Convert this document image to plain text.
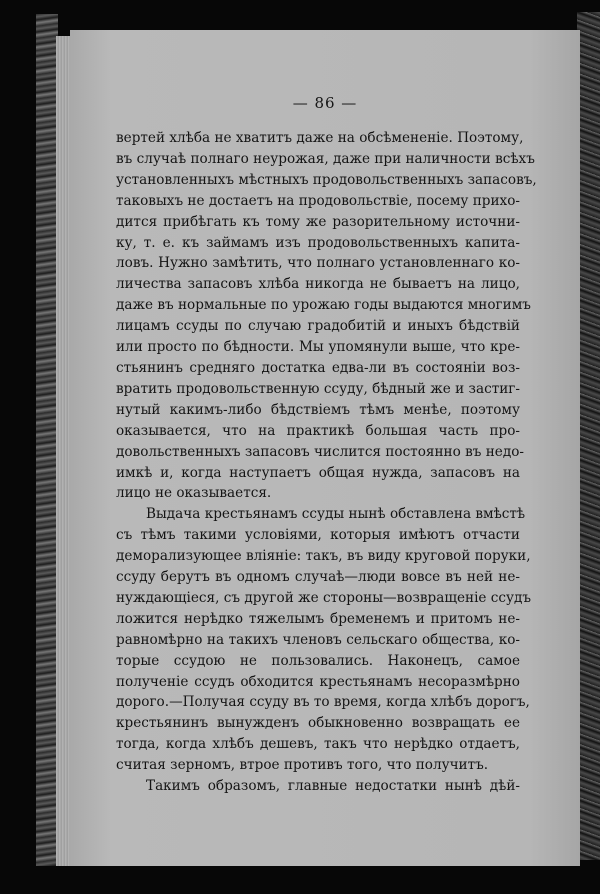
— 86 —
вертей хлѣба не хватитъ даже на обсѣмененіе. Поэтому,
въ случаѣ полнаго неурожая, даже при наличности всѣхъ
установленныхъ мѣстныхъ продовольственныхъ запасовъ,
таковыхъ не достаетъ на продовольствіе, посему прихо-
дится прибѣгать къ тому же разорительному источни-
ку, т. е. къ займамъ изъ продовольственныхъ капита-
ловъ. Нужно замѣтить, что полнаго установленнаго ко-
личества запасовъ хлѣба никогда не бываетъ на лицо,
даже въ нормальные по урожаю годы выдаются многимъ
лицамъ ссуды по случаю градобитій и иныхъ бѣдствій
или просто по бѣдности. Мы упомянули выше, что кре-
стьянинъ средняго достатка едва-ли въ состояніи воз-
вратить продовольственную ссуду, бѣдный же и застиг-
нутый какимъ-либо бѣдствіемъ тѣмъ менѣе, поэтому
оказывается, что на практикѣ большая часть про-
довольственныхъ запасовъ числится постоянно въ недо-
имкѣ и, когда наступаетъ общая нужда, запасовъ на
лицо не оказывается.
Выдача крестьянамъ ссуды нынѣ обставлена вмѣстѣ
съ тѣмъ такими условіями, которыя имѣютъ отчасти
деморализующее вліяніе: такъ, въ виду круговой поруки,
ссуду берутъ въ одномъ случаѣ—люди вовсе въ ней не-
нуждающіеся, съ другой же стороны—возвращеніе ссудъ
ложится нерѣдко тяжелымъ бременемъ и притомъ не-
равномѣрно на такихъ членовъ сельскаго общества, ко-
торые ссудою не пользовались. Наконецъ, самое
полученіе ссудъ обходится крестьянамъ несоразмѣрно
дорого.—Получая ссуду въ то время, когда хлѣбъ дорогъ,
крестьянинъ вынужденъ обыкновенно возвращать ее
тогда, когда хлѣбъ дешевъ, такъ что нерѣдко отдаетъ,
считая зерномъ, втрое противъ того, что получитъ.
Такимъ образомъ, главные недостатки нынѣ дѣй-
